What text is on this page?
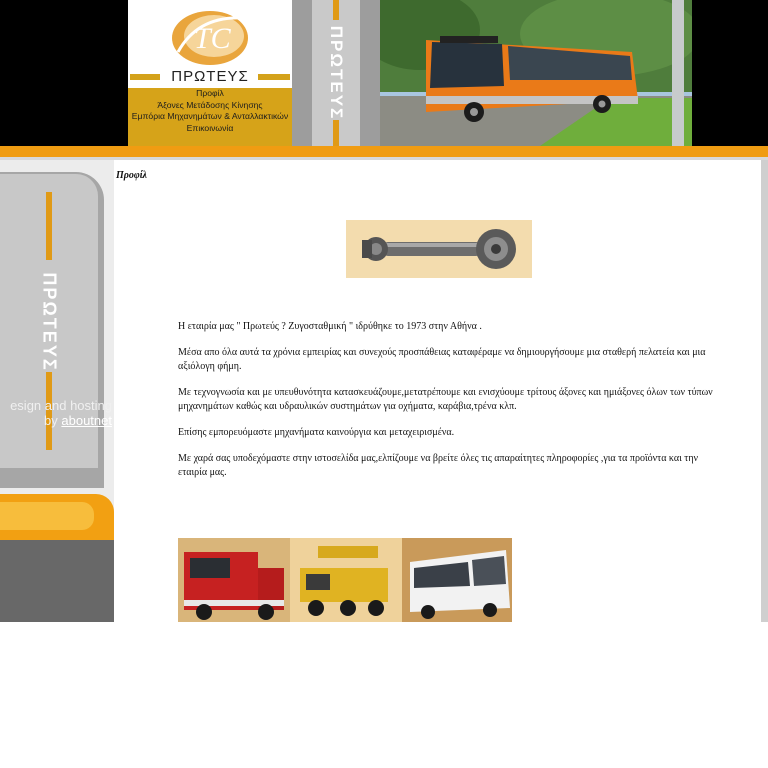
TC
ΠΡΩΤΕΥΣ
Προφίλ
Άξονες Μετάδοσης Κίνησης
Εμπόρια Μηχανημάτων & Ανταλλακτικών
Επικοινωνία
ΠΡΩΤΕΥΣ
ΠΡΩΤΕΥΣ
esign and hosting
by aboutnet
Προφίλ

Η εταιρία μας " Πρωτεύς ? Ζυγοσταθμική " ιδρύθηκε το 1973 στην Αθήνα .

Μέσα απο όλα αυτά τα χρόνια εμπειρίας και συνεχούς προσπάθειας καταφέραμε να δημιουργήσουμε μια σταθερή πελατεία και μια αξιόλογη φήμη.

Με τεχνογνωσία και με υπευθυνότητα κατασκευάζουμε,μετατρέπουμε και ενισχύουμε τρίτους άξονες και ημιάξονες όλων των τύπων μηχανημάτων καθώς και υδραυλικών συστημάτων για οχήματα, καράβια,τρένα κλπ.

Επίσης εμπορευόμαστε μηχανήματα καινούργια και μεταχειρισμένα.

Με χαρά σας υποδεχόμαστε στην ιστοσελίδα μας,ελπίζουμε να βρείτε όλες τις απαραίτητες πληροφορίες ,για τα προϊόντα και την εταιρία μας.
